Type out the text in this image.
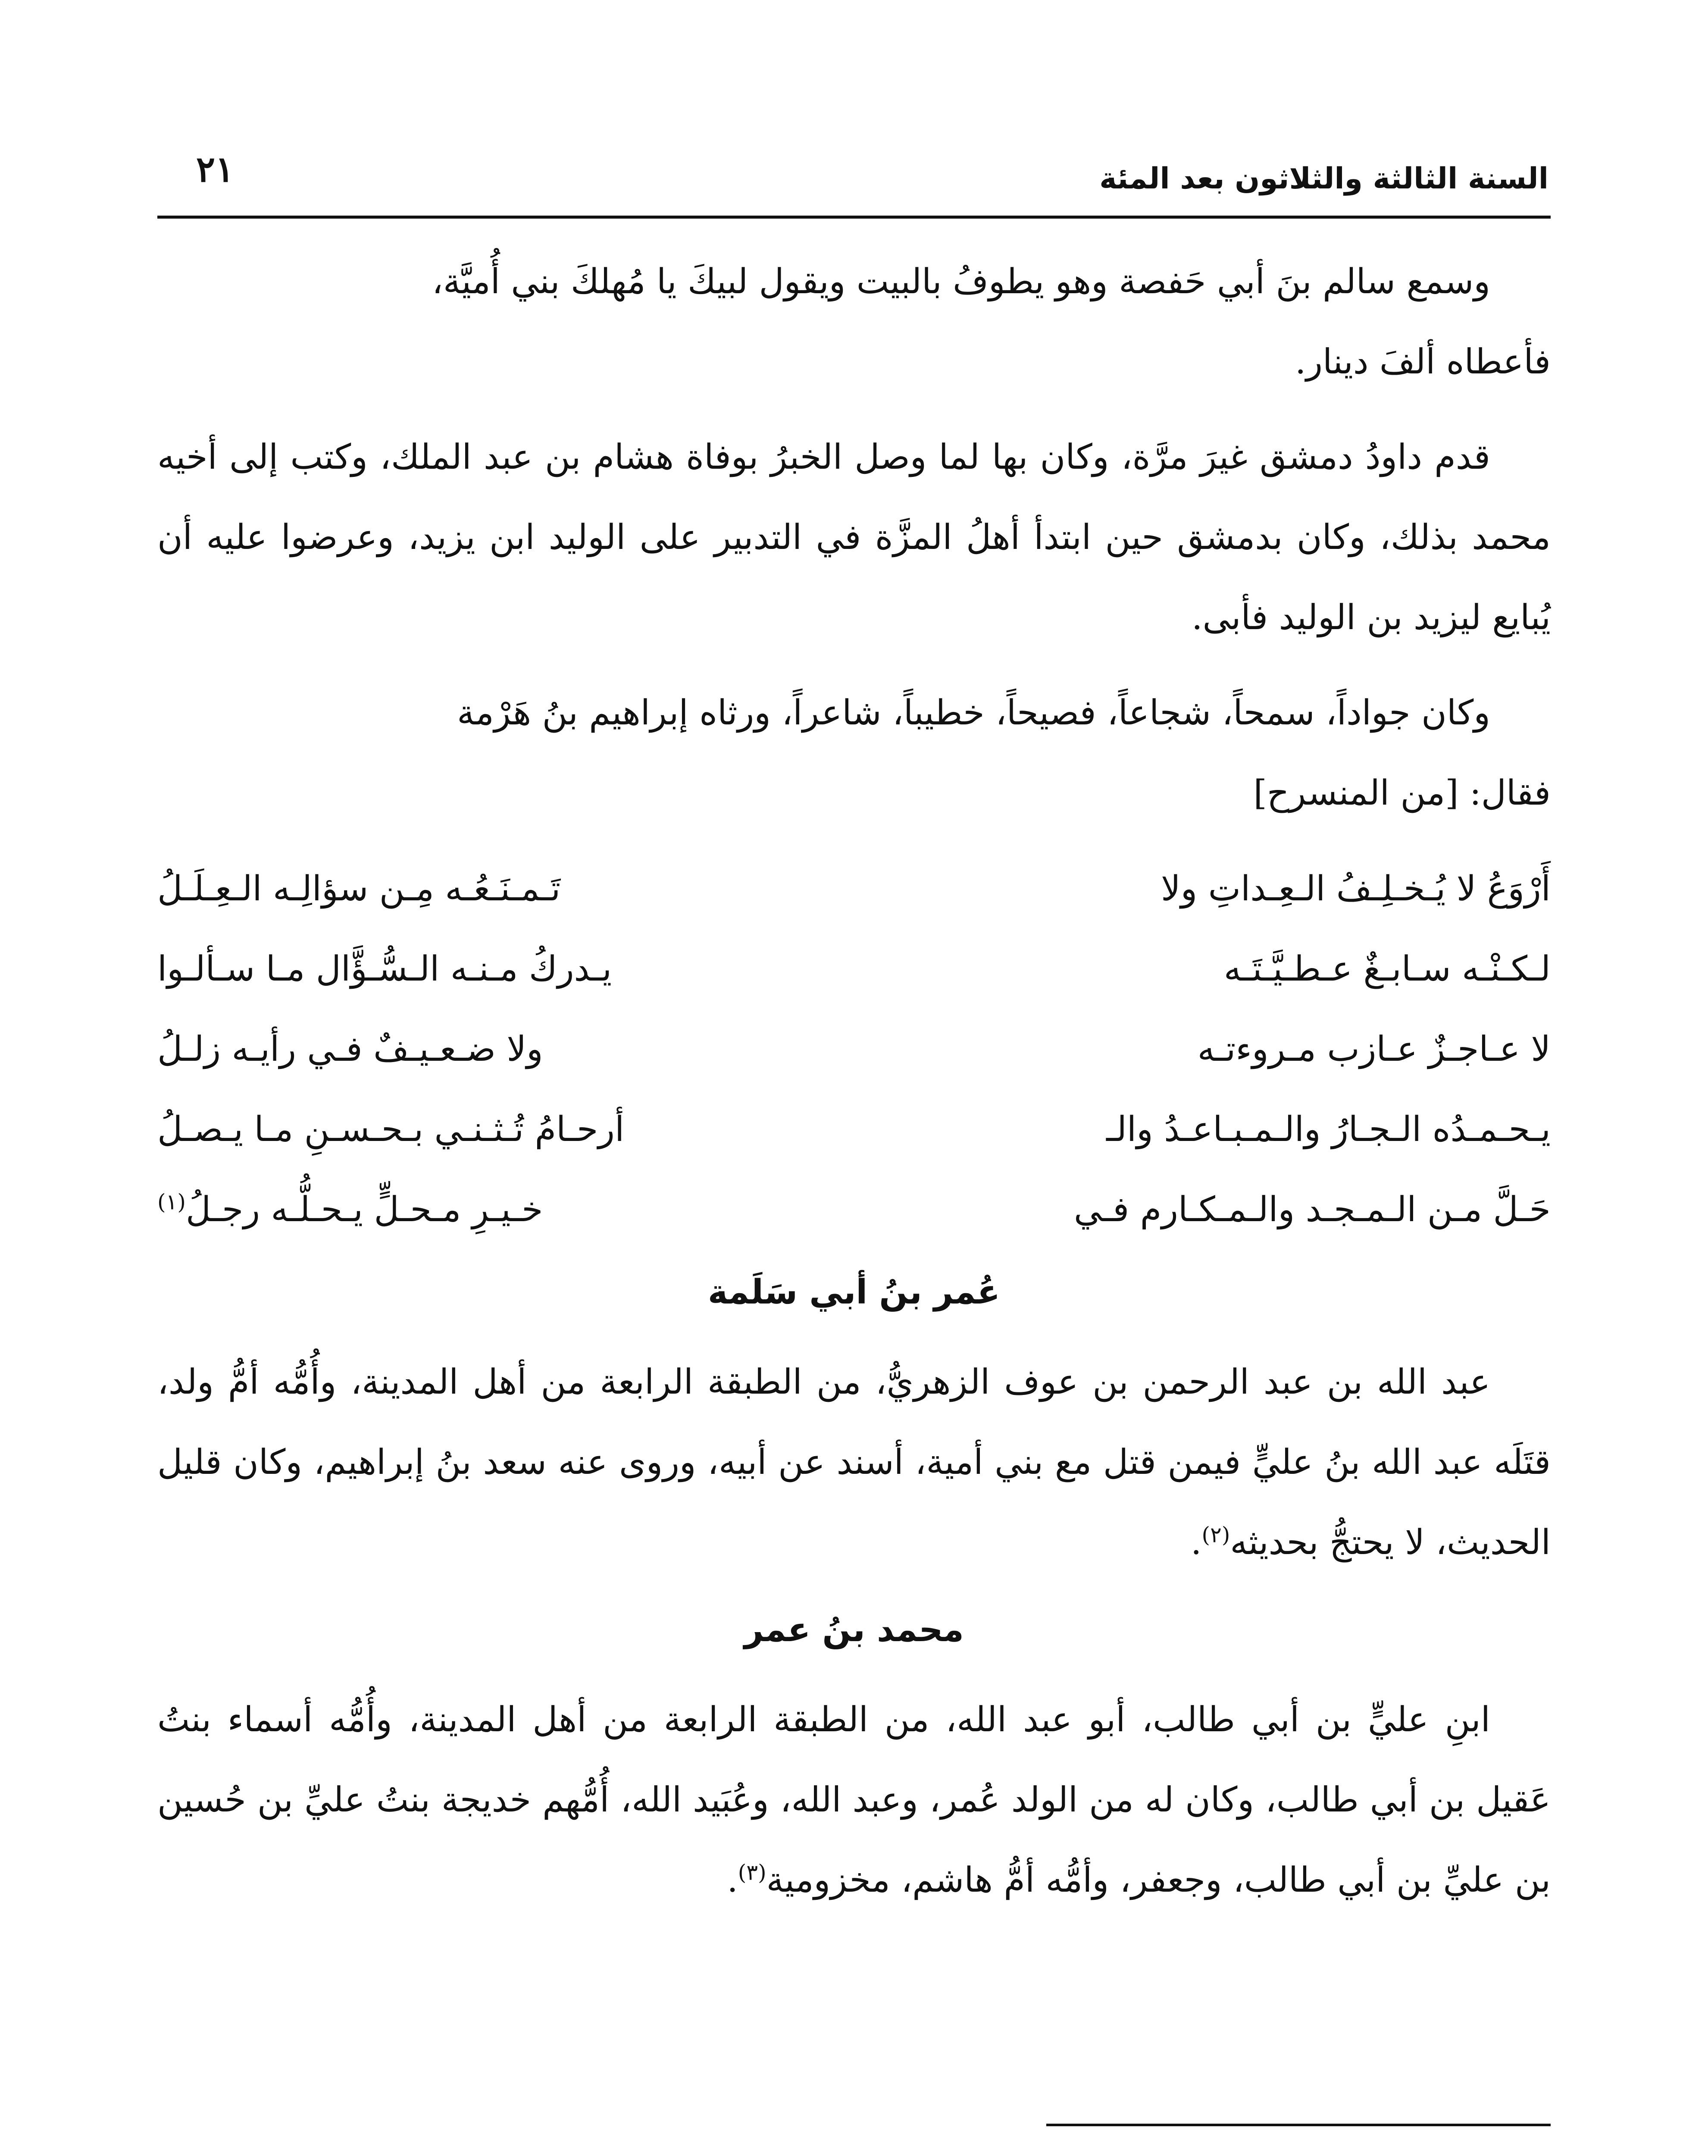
السنة الثالثة والثلاثون بعد المئة
٢١

وسمع سالم بنَ أبي حَفصة وهو يطوفُ بالبيت ويقول لبيكَ يا مُهلكَ بني أُميَّة،

فأعطاه ألفَ دينار.

قدم داودُ دمشق غيرَ مرَّة، وكان بها لما وصل الخبرُ بوفاة هشام بن عبد الملك، وكتب إلى أخيه محمد بذلك، وكان بدمشق حين ابتدأ أهلُ المزَّة في التدبير على الوليد ابن يزيد، وعرضوا عليه أن يُبايع ليزيد بن الوليد فأبى.

وكان جواداً، سمحاً، شجاعاً، فصيحاً، خطيباً، شاعراً، ورثاه إبراهيم بنُ هَرْمة

فقال: [من المنسرح]

أَرْوَعُ لا يُـخـلِـفُ الـعِـداتِ ولا	تَـمـنَـعُـه مِـن سؤالِـه الـعِـلَـلُ
لـكـنْـه سـابـغٌ عـطـيَّـتَـه	يـدركُ مـنـه الـسُّـؤَّال مـا سـألـوا
لا عـاجـزٌ عـازب مـروءتـه	ولا ضـعـيـفٌ فـي رأيـه زلـلُ
يـحـمـدُه الـجـارُ والـمـبـاعـدُ والـ	أرحـامُ تُـثـنـي بـحـسـنِ مـا يـصـلُ
حَـلَّ مـن الـمـجـد والـمـكـارم فـي	خـيـرِ مـحـلٍّ يـحـلُّـه رجـلُ$^{(١)}$
عُمر بنُ أبي سَلَمة

عبد الله بن عبد الرحمن بن عوف الزهريُّ، من الطبقة الرابعة من أهل المدينة، وأُمُّه أمُّ ولد، قتَلَه عبد الله بنُ عليٍّ فيمن قتل مع بني أمية، أسند عن أبيه، وروى عنه سعد بنُ إبراهيم، وكان قليل الحديث، لا يحتجُّ بحديثه$^{(٢)}$.

محمد بنُ عمر

ابنِ عليٍّ بن أبي طالب، أبو عبد الله، من الطبقة الرابعة من أهل المدينة، وأُمُّه أسماء بنتُ عَقيل بن أبي طالب، وكان له من الولد عُمر، وعبد الله، وعُبَيد الله، أُمُّهم خديجة بنتُ عليِّ بن حُسين بن عليِّ بن أبي طالب، وجعفر، وأمُّه أمُّ هاشم، مخزومية$^{(٣)}$.
